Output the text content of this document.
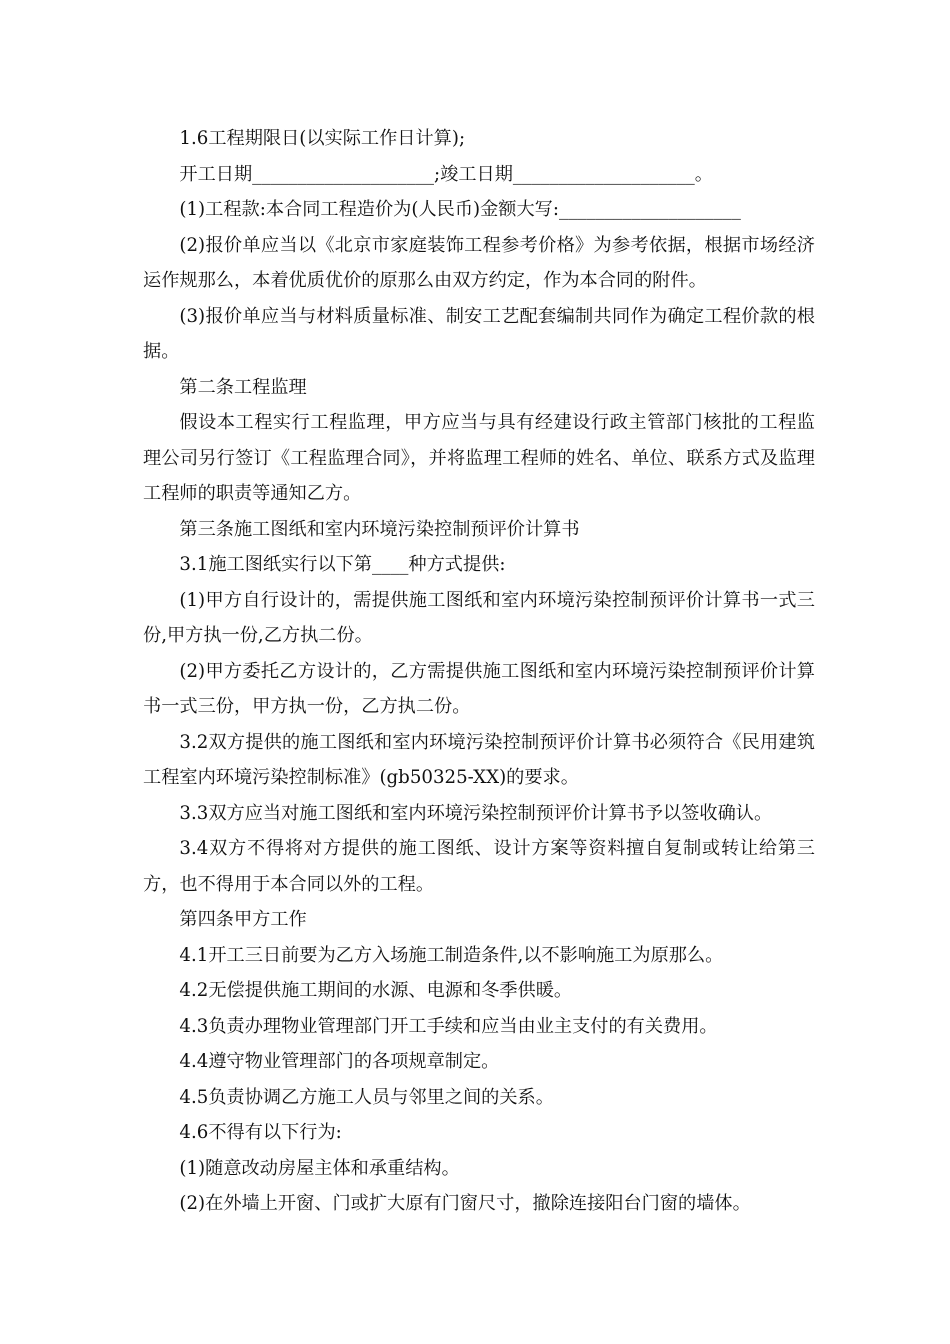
1.6工程期限日(以实际工作日计算);

开工日期____________________;竣工日期____________________。

(1)工程款:本合同工程造价为(人民币)金额大写:____________________

(2)报价单应当以《北京市家庭装饰工程参考价格》为参考依据，根据市场经济运作规那么，本着优质优价的原那么由双方约定，作为本合同的附件。

(3)报价单应当与材料质量标准、制安工艺配套编制共同作为确定工程价款的根据。

第二条工程监理

假设本工程实行工程监理，甲方应当与具有经建设行政主管部门核批的工程监理公司另行签订《工程监理合同》，并将监理工程师的姓名、单位、联系方式及监理工程师的职责等通知乙方。

第三条施工图纸和室内环境污染控制预评价计算书

3.1施工图纸实行以下第____种方式提供:

(1)甲方自行设计的，需提供施工图纸和室内环境污染控制预评价计算书一式三份,甲方执一份,乙方执二份。

(2)甲方委托乙方设计的，乙方需提供施工图纸和室内环境污染控制预评价计算书一式三份，甲方执一份，乙方执二份。

3.2双方提供的施工图纸和室内环境污染控制预评价计算书必须符合《民用建筑工程室内环境污染控制标准》(gb50325-XX)的要求。

3.3双方应当对施工图纸和室内环境污染控制预评价计算书予以签收确认。

3.4双方不得将对方提供的施工图纸、设计方案等资料擅自复制或转让给第三方，也不得用于本合同以外的工程。

第四条甲方工作

4.1开工三日前要为乙方入场施工制造条件,以不影响施工为原那么。

4.2无偿提供施工期间的水源、电源和冬季供暖。

4.3负责办理物业管理部门开工手续和应当由业主支付的有关费用。

4.4遵守物业管理部门的各项规章制定。

4.5负责协调乙方施工人员与邻里之间的关系。

4.6不得有以下行为:

(1)随意改动房屋主体和承重结构。

(2)在外墙上开窗、门或扩大原有门窗尺寸，撤除连接阳台门窗的墙体。
